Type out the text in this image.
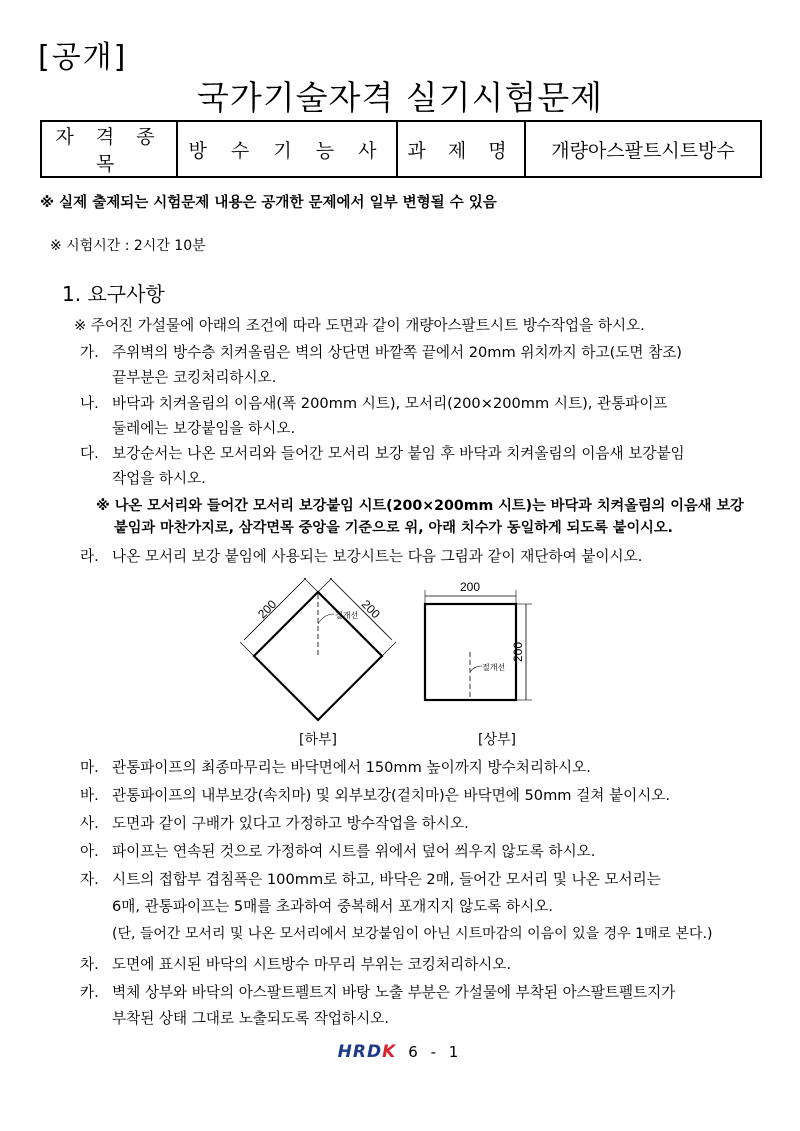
[공개]
국가기술자격 실기시험문제
자 격 종 목	방 수 기 능 사	과 제 명	개량아스팔트시트방수
※ 실제 출제되는 시험문제 내용은 공개한 문제에서 일부 변형될 수 있음
※ 시험시간 : 2시간 10분
1. 요구사항
※ 주어진 가설물에 아래의 조건에 따라 도면과 같이 개량아스팔트시트 방수작업을 하시오.
가. 주위벽의 방수층 치켜올림은 벽의 상단면 바깥쪽 끝에서 20mm 위치까지 하고(도면 참조)
끝부분은 코킹처리하시오.
나. 바닥과 치켜올림의 이음새(폭 200mm 시트), 모서리(200×200mm 시트), 관통파이프
둘레에는 보강붙임을 하시오.
다. 보강순서는 나온 모서리와 들어간 모서리 보강 붙임 후 바닥과 치켜올림의 이음새 보강붙임
작업을 하시오.
※ 나온 모서리와 들어간 모서리 보강붙임 시트(200×200mm 시트)는 바닥과 치켜올림의 이음새 보강
붙임과 마찬가지로, 삼각면목 중앙을 기준으로 위, 아래 치수가 동일하게 되도록 붙이시오.
라. 나온 모서리 보강 붙임에 사용되는 보강시트는 다음 그림과 같이 재단하여 붙이시오.
200	200
절개선
[하부]
200
200
절개선
[상부]
마. 관통파이프의 최종마무리는 바닥면에서 150mm 높이까지 방수처리하시오.
바. 관통파이프의 내부보강(속치마) 및 외부보강(겉치마)은 바닥면에 50mm 걸쳐 붙이시오.
사. 도면과 같이 구배가 있다고 가정하고 방수작업을 하시오.
아. 파이프는 연속된 것으로 가정하여 시트를 위에서 덮어 씌우지 않도록 하시오.
자. 시트의 접합부 겹침폭은 100mm로 하고, 바닥은 2매, 들어간 모서리 및 나온 모서리는
6매, 관통파이프는 5매를 초과하여 중복해서 포개지지 않도록 하시오.
(단, 들어간 모서리 및 나온 모서리에서 보강붙임이 아닌 시트마감의 이음이 있을 경우 1매로 본다.)
차. 도면에 표시된 바닥의 시트방수 마무리 부위는 코킹처리하시오.
카. 벽체 상부와 바닥의 아스팔트펠트지 바탕 노출 부분은 가설물에 부착된 아스팔트펠트지가
부착된 상태 그대로 노출되도록 작업하시오.
HRDK 6 - 1
